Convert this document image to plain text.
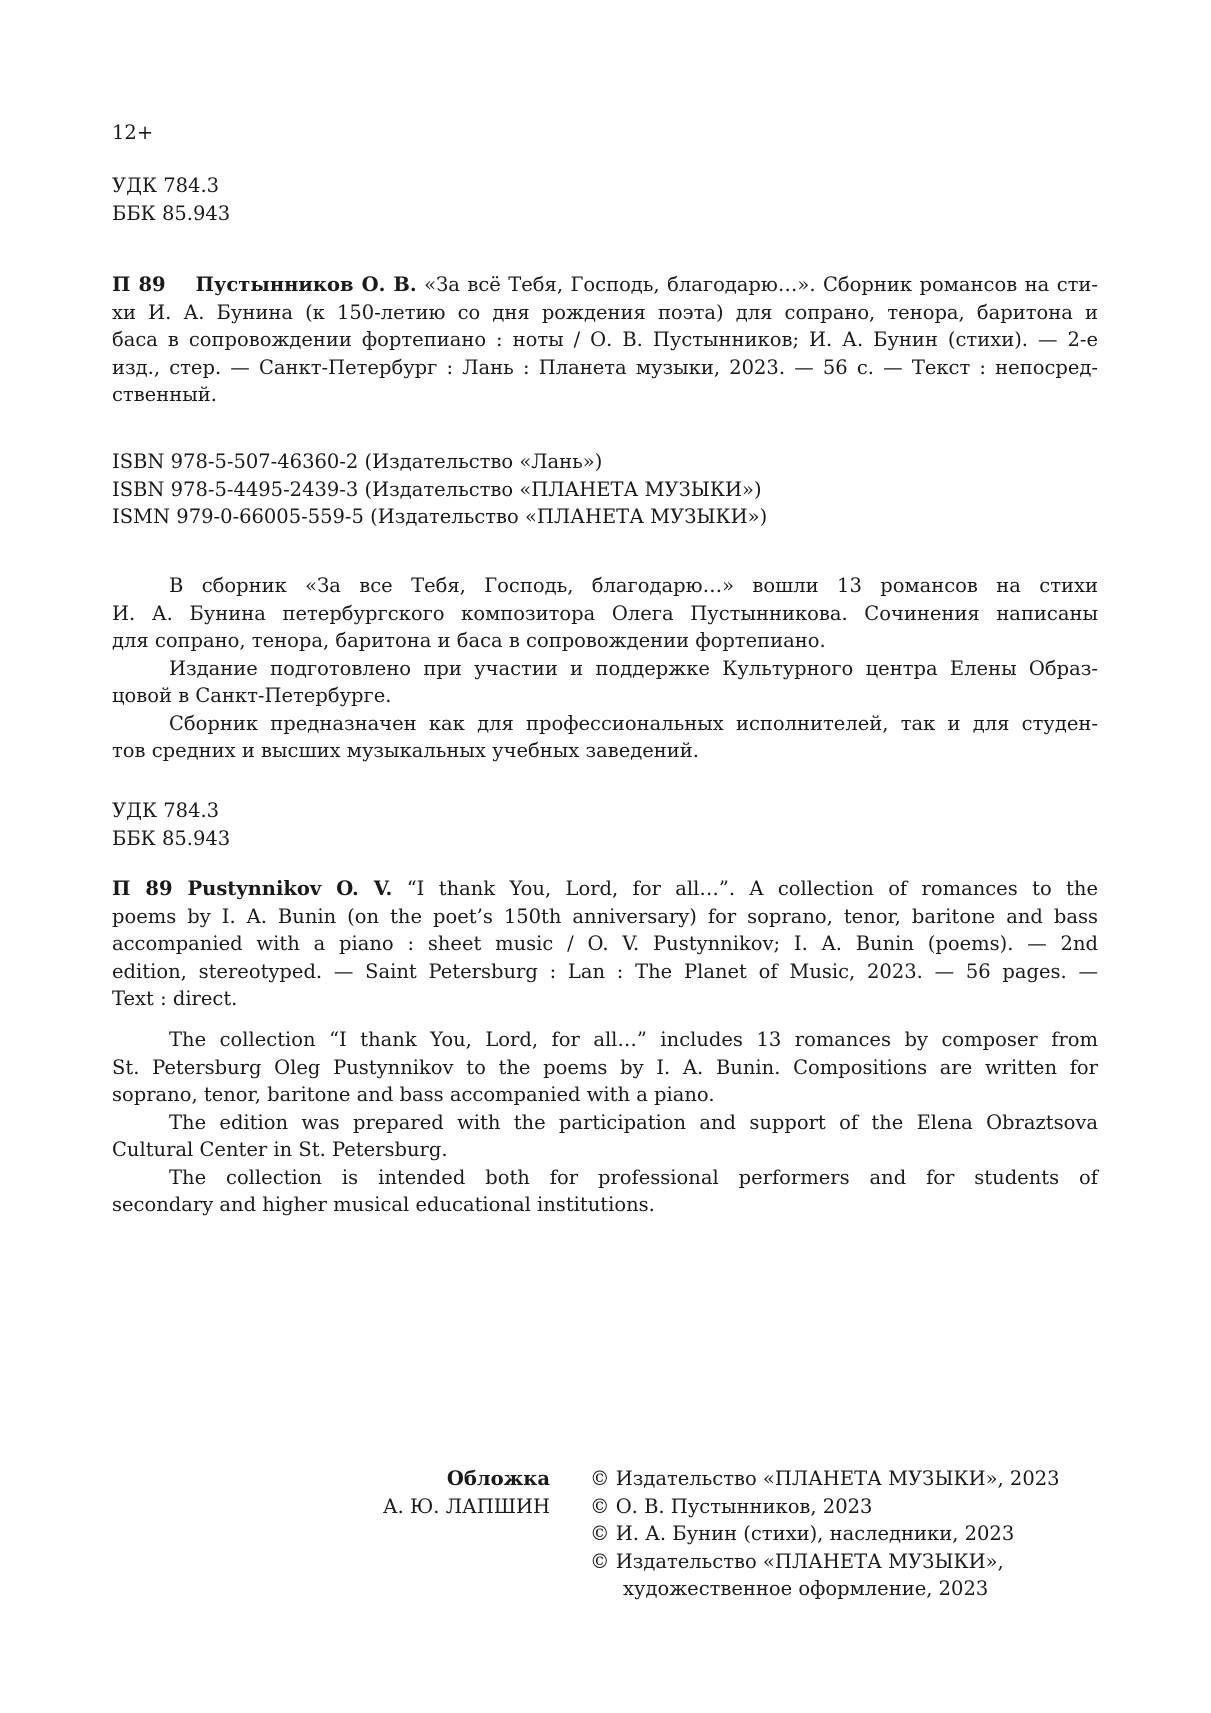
12+
УДК 784.3
ББК 85.943
П 89 Пустынников О. В. «За всё Тебя, Господь, благодарю…». Сборник романсов на сти-
хи И. А. Бунина (к 150-летию со дня рождения поэта) для сопрано, тенора, баритона и
баса в сопровождении фортепиано : ноты / О. В. Пустынников; И. А. Бунин (стихи). — 2-е
изд., стер. — Санкт-Петербург : Лань : Планета музыки, 2023. — 56 с. — Текст : непосред-
ственный.
ISBN 978-5-507-46360-2 (Издательство «Лань»)
ISBN 978-5-4495-2439-3 (Издательство «ПЛАНЕТА МУЗЫКИ»)
ISMN 979-0-66005-559-5 (Издательство «ПЛАНЕТА МУЗЫКИ»)
В сборник «За все Тебя, Господь, благодарю…» вошли 13 романсов на стихи
И. А. Бунина петербургского композитора Олега Пустынникова. Сочинения написаны
для сопрано, тенора, баритона и баса в сопровождении фортепиано.
Издание подготовлено при участии и поддержке Культурного центра Елены Образ-
цовой в Санкт-Петербурге.
Сборник предназначен как для профессиональных исполнителей, так и для студен-
тов средних и высших музыкальных учебных заведений.
УДК 784.3
ББК 85.943
П 89 Pustynnikov O. V. “I thank You, Lord, for all…”. A collection of romances to the
poems by I. A. Bunin (on the poet’s 150th anniversary) for soprano, tenor, baritone and bass
accompanied with a piano : sheet music / O. V. Pustynnikov; I. A. Bunin (poems). — 2nd
edition, stereotyped. — Saint Petersburg : Lan : The Planet of Music, 2023. — 56 pages. —
Text : direct.
The collection “I thank You, Lord, for all…” includes 13 romances by composer from
St. Petersburg Oleg Pustynnikov to the poems by I. A. Bunin. Compositions are written for
soprano, tenor, baritone and bass accompanied with a piano.
The edition was prepared with the participation and support of the Elena Obraztsova
Cultural Center in St. Petersburg.
The collection is intended both for professional performers and for students of
secondary and higher musical educational institutions.
Обложка
А. Ю. ЛАПШИН
© Издательство «ПЛАНЕТА МУЗЫКИ», 2023
© О. В. Пустынников, 2023
© И. А. Бунин (стихи), наследники, 2023
© Издательство «ПЛАНЕТА МУЗЫКИ»,
художественное оформление, 2023
